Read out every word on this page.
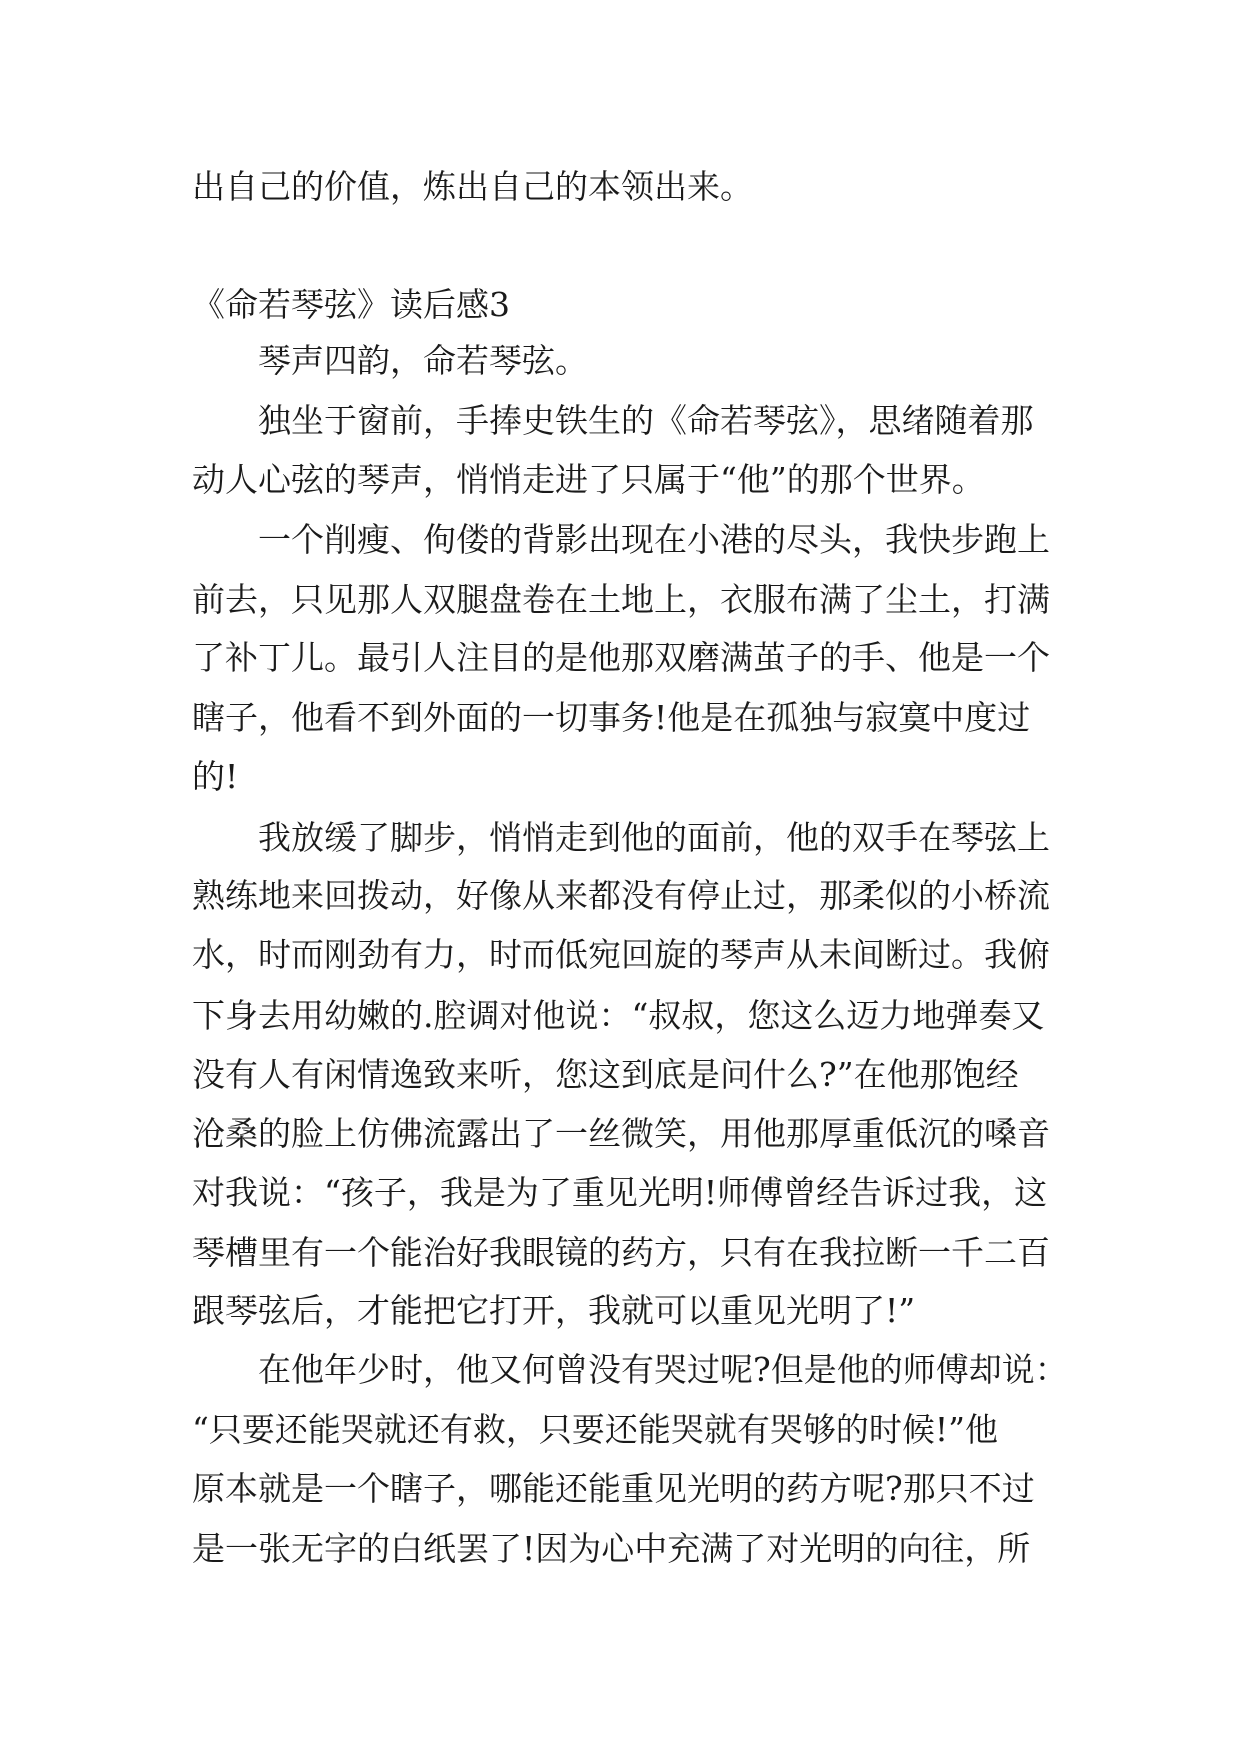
出自己的价值，炼出自己的本领出来。

《命若琴弦》读后感3

琴声四韵，命若琴弦。

独坐于窗前，手捧史铁生的《命若琴弦》，思绪随着那

动人心弦的琴声，悄悄走进了只属于“他”的那个世界。

一个削瘦、佝偻的背影出现在小港的尽头，我快步跑上

前去，只见那人双腿盘卷在土地上，衣服布满了尘土，打满

了补丁儿。最引人注目的是他那双磨满茧子的手、他是一个

瞎子，他看不到外面的一切事务!他是在孤独与寂寞中度过

的!

我放缓了脚步，悄悄走到他的面前，他的双手在琴弦上

熟练地来回拨动，好像从来都没有停止过，那柔似的小桥流

水，时而刚劲有力，时而低宛回旋的琴声从未间断过。我俯

下身去用幼嫩的.腔调对他说：“叔叔，您这么迈力地弹奏又

没有人有闲情逸致来听，您这到底是问什么?”在他那饱经

沧桑的脸上仿佛流露出了一丝微笑，用他那厚重低沉的嗓音

对我说：“孩子，我是为了重见光明!师傅曾经告诉过我，这

琴槽里有一个能治好我眼镜的药方，只有在我拉断一千二百

跟琴弦后，才能把它打开，我就可以重见光明了!”

在他年少时，他又何曾没有哭过呢?但是他的师傅却说：

“只要还能哭就还有救，只要还能哭就有哭够的时候!”他

原本就是一个瞎子，哪能还能重见光明的药方呢?那只不过

是一张无字的白纸罢了!因为心中充满了对光明的向往，所
